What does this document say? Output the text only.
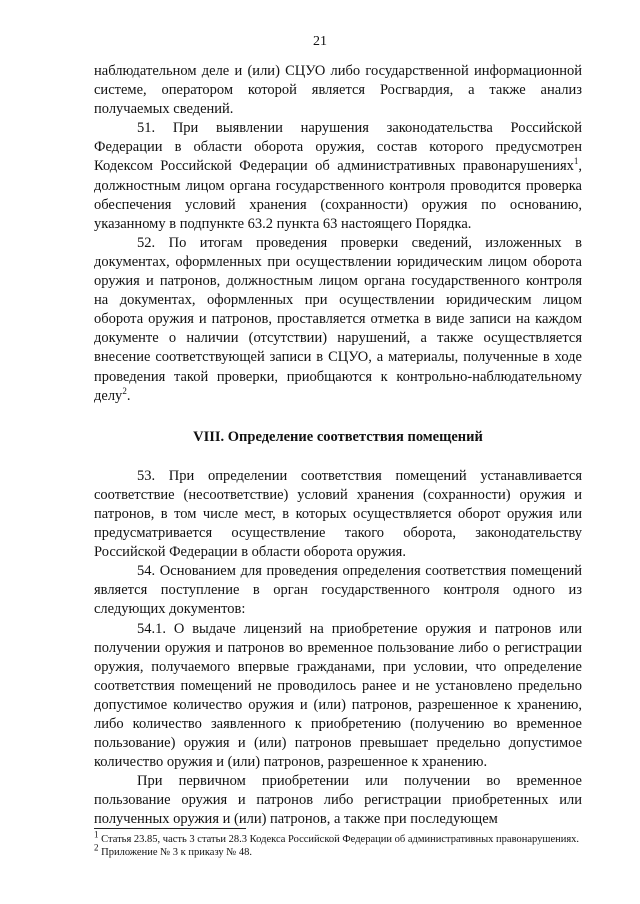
21

наблюдательном деле и (или) СЦУО либо государственной информационной системе, оператором которой является Росгвардия, а также анализ получаемых сведений.

51. При выявлении нарушения законодательства Российской Федерации в области оборота оружия, состав которого предусмотрен Кодексом Российской Федерации об административных правонарушениях$^1$, должностным лицом органа государственного контроля проводится проверка обеспечения условий хранения (сохранности) оружия по основанию, указанному в подпункте 63.2 пункта 63 настоящего Порядка.

52. По итогам проведения проверки сведений, изложенных в документах, оформленных при осуществлении юридическим лицом оборота оружия и патронов, должностным лицом органа государственного контроля на документах, оформленных при осуществлении юридическим лицом оборота оружия и патронов, проставляется отметка в виде записи на каждом документе о наличии (отсутствии) нарушений, а также осуществляется внесение соответствующей записи в СЦУО, а материалы, полученные в ходе проведения такой проверки, приобщаются к контрольно-наблюдательному делу$^2$.

VIII. Определение соответствия помещений

53. При определении соответствия помещений устанавливается соответствие (несоответствие) условий хранения (сохранности) оружия и патронов, в том числе мест, в которых осуществляется оборот оружия или предусматривается осуществление такого оборота, законодательству Российской Федерации в области оборота оружия.

54. Основанием для проведения определения соответствия помещений является поступление в орган государственного контроля одного из следующих документов:

54.1. О выдаче лицензий на приобретение оружия и патронов или получении оружия и патронов во временное пользование либо о регистрации оружия, получаемого впервые гражданами, при условии, что определение соответствия помещений не проводилось ранее и не установлено предельно допустимое количество оружия и (или) патронов, разрешенное к хранению, либо количество заявленного к приобретению (получению во временное пользование) оружия и (или) патронов превышает предельно допустимое количество оружия и (или) патронов, разрешенное к хранению.

При первичном приобретении или получении во временное пользование оружия и патронов либо регистрации приобретенных или полученных оружия и (или) патронов, а также при последующем

$^1$ Статья 23.85, часть 3 статьи 28.3 Кодекса Российской Федерации об административных правонарушениях.

$^2$ Приложение № 3 к приказу № 48.
